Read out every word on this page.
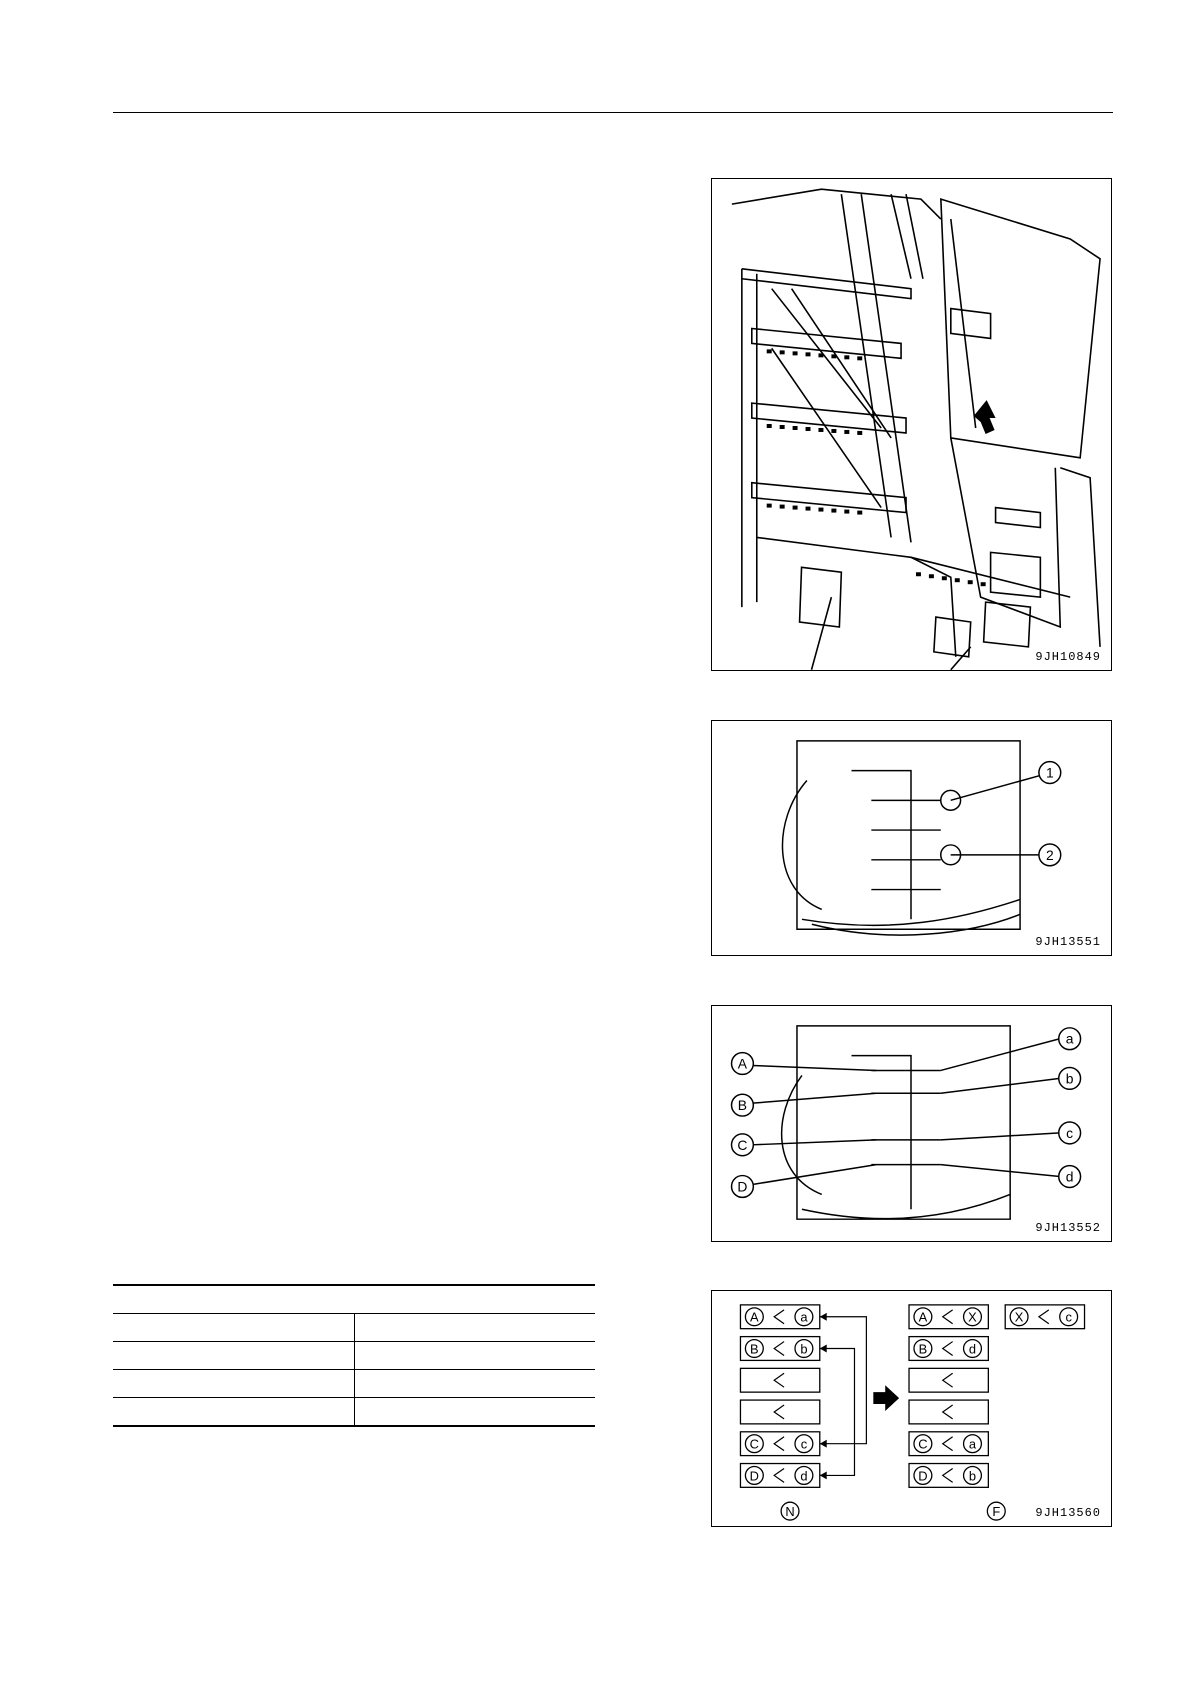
9JH10849
1
2
9JH13551
A
B
C
D
a
b
c
d
9JH13552

A	a
B	b
C	c
D	d
A	X
B	d
C	a
D	b
X	c
N	F	9JH13560
